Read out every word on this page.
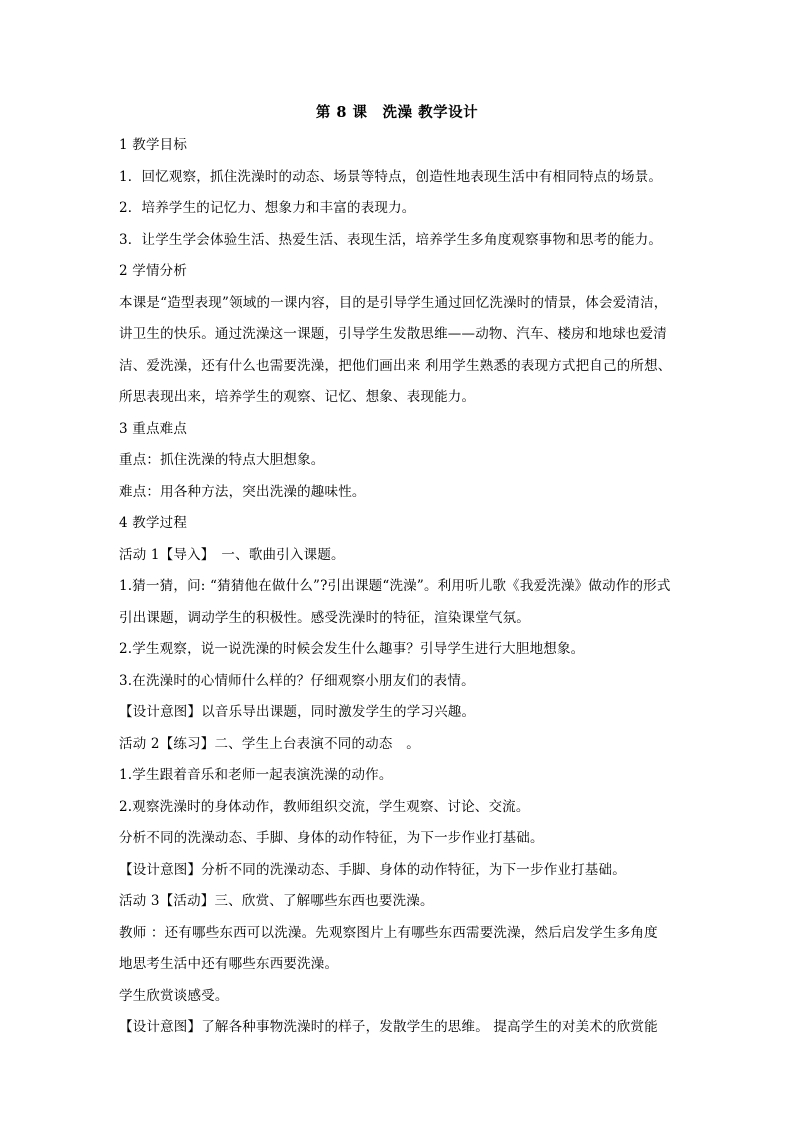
第 8 课　洗澡 教学设计
1 教学目标
1．回忆观察，抓住洗澡时的动态、场景等特点，创造性地表现生活中有相同特点的场景。
2．培养学生的记忆力、想象力和丰富的表现力。
3．让学生学会体验生活、热爱生活、表现生活，培养学生多角度观察事物和思考的能力。
2 学情分析
本课是“造型表现”领域的一课内容，目的是引导学生通过回忆洗澡时的情景，体会爱清洁，
讲卫生的快乐。通过洗澡这一课题，引导学生发散思维——动物、汽车、楼房和地球也爱清
洁、爱洗澡，还有什么也需要洗澡，把他们画出来 利用学生熟悉的表现方式把自己的所想、
所思表现出来，培养学生的观察、记忆、想象、表现能力。
3 重点难点
重点：抓住洗澡的特点大胆想象。
难点：用各种方法，突出洗澡的趣味性。
4 教学过程
活动 1【导入】　一、歌曲引入课题。
1.猜一猜，问: “猜猜他在做什么”?引出课题“洗澡”。利用听儿歌《我爱洗澡》做动作的形式
引出课题，调动学生的积极性。感受洗澡时的特征，渲染课堂气氛。
2.学生观察，说一说洗澡的时候会发生什么趣事？引导学生进行大胆地想象。
3.在洗澡时的心情师什么样的？仔细观察小朋友们的表情。
【设计意图】以音乐导出课题，同时激发学生的学习兴趣。
活动 2【练习】二、学生上台表演不同的动态　。
1.学生跟着音乐和老师一起表演洗澡的动作。
2.观察洗澡时的身体动作，教师组织交流，学生观察、讨论、交流。
分析不同的洗澡动态、手脚、身体的动作特征，为下一步作业打基础。
【设计意图】分析不同的洗澡动态、手脚、身体的动作特征，为下一步作业打基础。
活动 3【活动】三、欣赏、了解哪些东西也要洗澡。
教师 ：还有哪些东西可以洗澡。先观察图片上有哪些东西需要洗澡，然后启发学生多角度
地思考生活中还有哪些东西要洗澡。
学生欣赏谈感受。
【设计意图】了解各种事物洗澡时的样子，发散学生的思维。 提高学生的对美术的欣赏能
